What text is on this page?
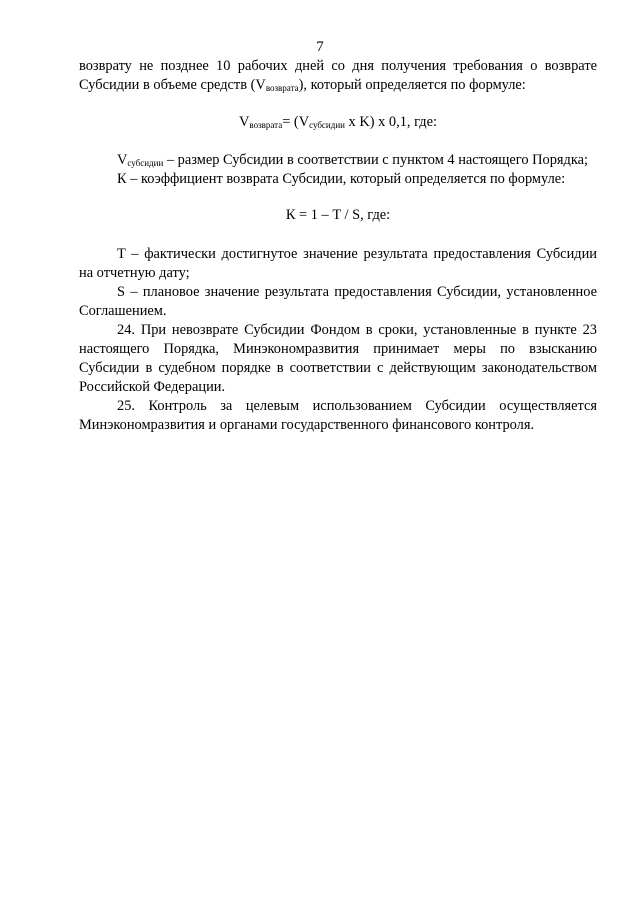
7

возврату не позднее 10 рабочих дней со дня получения требования о возврате Субсидии в объеме средств $(V_{возврата})$, который определяется по формуле:

$V_{возврата}= (V_{субсидии}$ x K) x 0,1, где:

$V_{субсидии}$ – размер Субсидии в соответствии с пунктом 4 настоящего Порядка;

К – коэффициент возврата Субсидии, который определяется по формуле:

К = 1 – T / S, где:

T – фактически достигнутое значение результата предоставления Субсидии на отчетную дату;

S – плановое значение результата предоставления Субсидии, установленное Соглашением.

24. При невозврате Субсидии Фондом в сроки, установленные в пункте 23 настоящего Порядка, Минэкономразвития принимает меры по взысканию Субсидии в судебном порядке в соответствии с действующим законодательством Российской Федерации.

25. Контроль за целевым использованием Субсидии осуществляется Минэкономразвития и органами государственного финансового контроля.
